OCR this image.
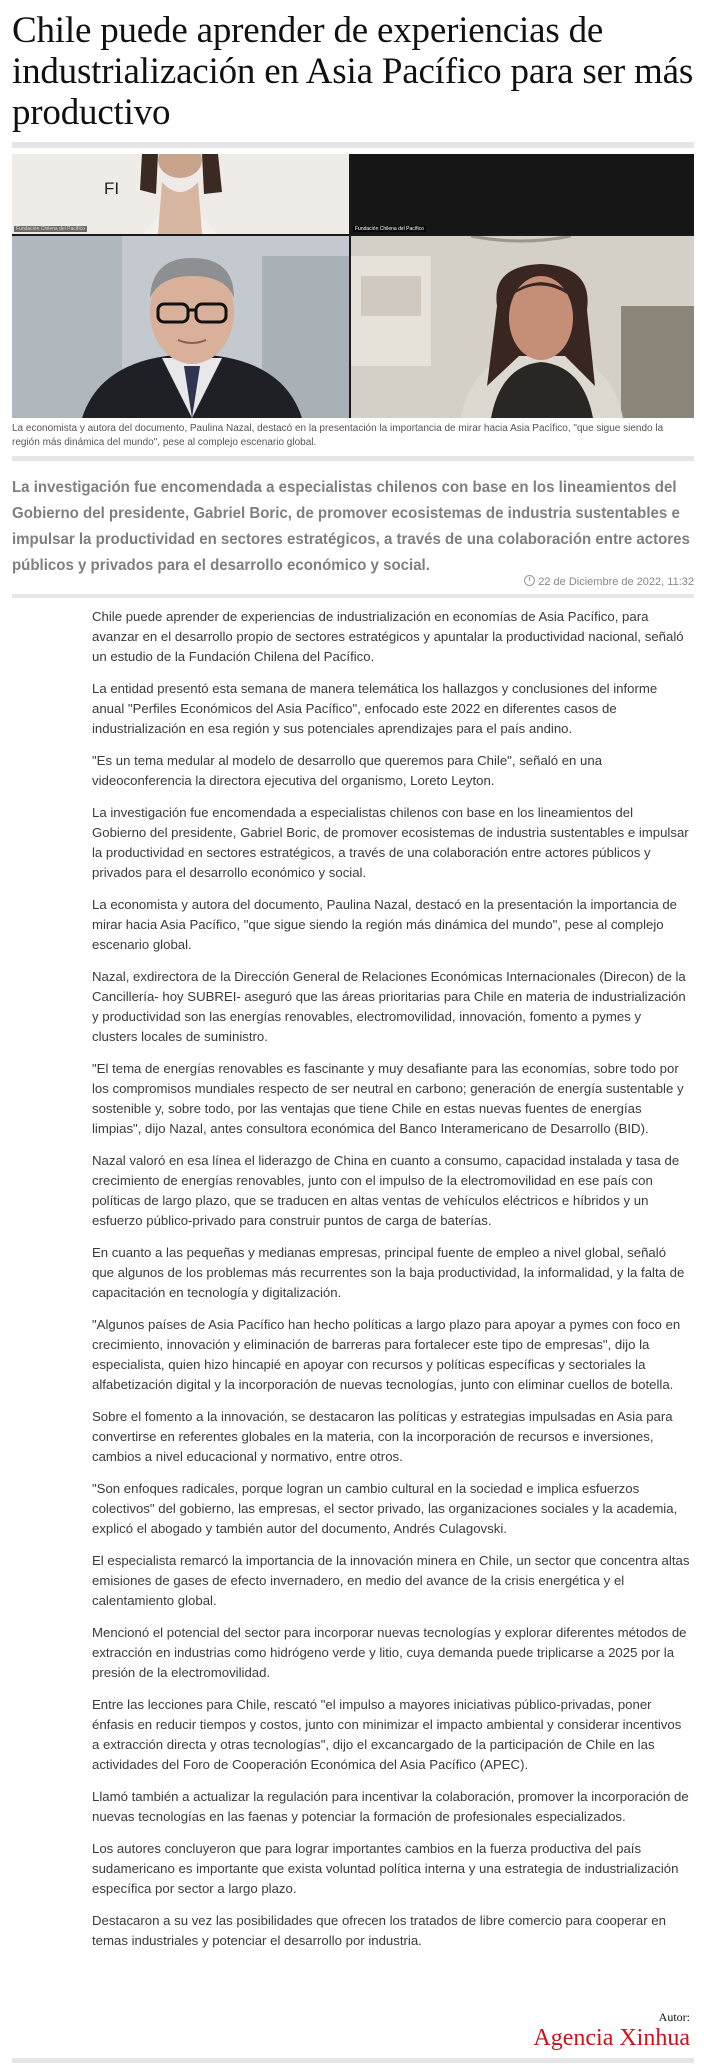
Chile puede aprender de experiencias de industrialización en Asia Pacífico para ser más productivo
FI
Fundación Chilena del Pacífico	Fundación Chilena del Pacífico
La economista y autora del documento, Paulina Nazal, destacó en la presentación la importancia de mirar hacia Asia Pacífico, "que sigue siendo la región más dinámica del mundo", pese al complejo escenario global.
La investigación fue encomendada a especialistas chilenos con base en los lineamientos del Gobierno del presidente, Gabriel Boric, de promover ecosistemas de industria sustentables e impulsar la productividad en sectores estratégicos, a través de una colaboración entre actores públicos y privados para el desarrollo económico y social.
22 de Diciembre de 2022, 11:32

Chile puede aprender de experiencias de industrialización en economías de Asia Pacífico, para avanzar en el desarrollo propio de sectores estratégicos y apuntalar la productividad nacional, señaló un estudio de la Fundación Chilena del Pacífico.

La entidad presentó esta semana de manera telemática los hallazgos y conclusiones del informe anual "Perfiles Económicos del Asia Pacífico", enfocado este 2022 en diferentes casos de industrialización en esa región y sus potenciales aprendizajes para el país andino.

"Es un tema medular al modelo de desarrollo que queremos para Chile", señaló en una videoconferencia la directora ejecutiva del organismo, Loreto Leyton.

La investigación fue encomendada a especialistas chilenos con base en los lineamientos del Gobierno del presidente, Gabriel Boric, de promover ecosistemas de industria sustentables e impulsar la productividad en sectores estratégicos, a través de una colaboración entre actores públicos y privados para el desarrollo económico y social.

La economista y autora del documento, Paulina Nazal, destacó en la presentación la importancia de mirar hacia Asia Pacífico, "que sigue siendo la región más dinámica del mundo", pese al complejo escenario global.

Nazal, exdirectora de la Dirección General de Relaciones Económicas Internacionales (Direcon) de la Cancillería- hoy SUBREI- aseguró que las áreas prioritarias para Chile en materia de industrialización y productividad son las energías renovables, electromovilidad, innovación, fomento a pymes y clusters locales de suministro.

"El tema de energías renovables es fascinante y muy desafiante para las economías, sobre todo por los compromisos mundiales respecto de ser neutral en carbono; generación de energía sustentable y sostenible y, sobre todo, por las ventajas que tiene Chile en estas nuevas fuentes de energías limpias", dijo Nazal, antes consultora económica del Banco Interamericano de Desarrollo (BID).

Nazal valoró en esa línea el liderazgo de China en cuanto a consumo, capacidad instalada y tasa de crecimiento de energías renovables, junto con el impulso de la electromovilidad en ese país con políticas de largo plazo, que se traducen en altas ventas de vehículos eléctricos e híbridos y un esfuerzo público-privado para construir puntos de carga de baterías.

En cuanto a las pequeñas y medianas empresas, principal fuente de empleo a nivel global, señaló que algunos de los problemas más recurrentes son la baja productividad, la informalidad, y la falta de capacitación en tecnología y digitalización.

"Algunos países de Asia Pacífico han hecho políticas a largo plazo para apoyar a pymes con foco en crecimiento, innovación y eliminación de barreras para fortalecer este tipo de empresas", dijo la especialista, quien hizo hincapié en apoyar con recursos y políticas específicas y sectoriales la alfabetización digital y la incorporación de nuevas tecnologías, junto con eliminar cuellos de botella.

Sobre el fomento a la innovación, se destacaron las políticas y estrategias impulsadas en Asia para convertirse en referentes globales en la materia, con la incorporación de recursos e inversiones, cambios a nivel educacional y normativo, entre otros.

"Son enfoques radicales, porque logran un cambio cultural en la sociedad e implica esfuerzos colectivos" del gobierno, las empresas, el sector privado, las organizaciones sociales y la academia, explicó el abogado y también autor del documento, Andrés Culagovski.

El especialista remarcó la importancia de la innovación minera en Chile, un sector que concentra altas emisiones de gases de efecto invernadero, en medio del avance de la crisis energética y el calentamiento global.

Mencionó el potencial del sector para incorporar nuevas tecnologías y explorar diferentes métodos de extracción en industrias como hidrógeno verde y litio, cuya demanda puede triplicarse a 2025 por la presión de la electromovilidad.

Entre las lecciones para Chile, rescató "el impulso a mayores iniciativas público-privadas, poner énfasis en reducir tiempos y costos, junto con minimizar el impacto ambiental y considerar incentivos a extracción directa y otras tecnologías", dijo el excancargado de la participación de Chile en las actividades del Foro de Cooperación Económica del Asia Pacífico (APEC).

Llamó también a actualizar la regulación para incentivar la colaboración, promover la incorporación de nuevas tecnologías en las faenas y potenciar la formación de profesionales especializados.

Los autores concluyeron que para lograr importantes cambios en la fuerza productiva del país sudamericano es importante que exista voluntad política interna y una estrategia de industrialización específica por sector a largo plazo.

Destacaron a su vez las posibilidades que ofrecen los tratados de libre comercio para cooperar en temas industriales y potenciar el desarrollo por industria.

Autor:
Agencia Xinhua
